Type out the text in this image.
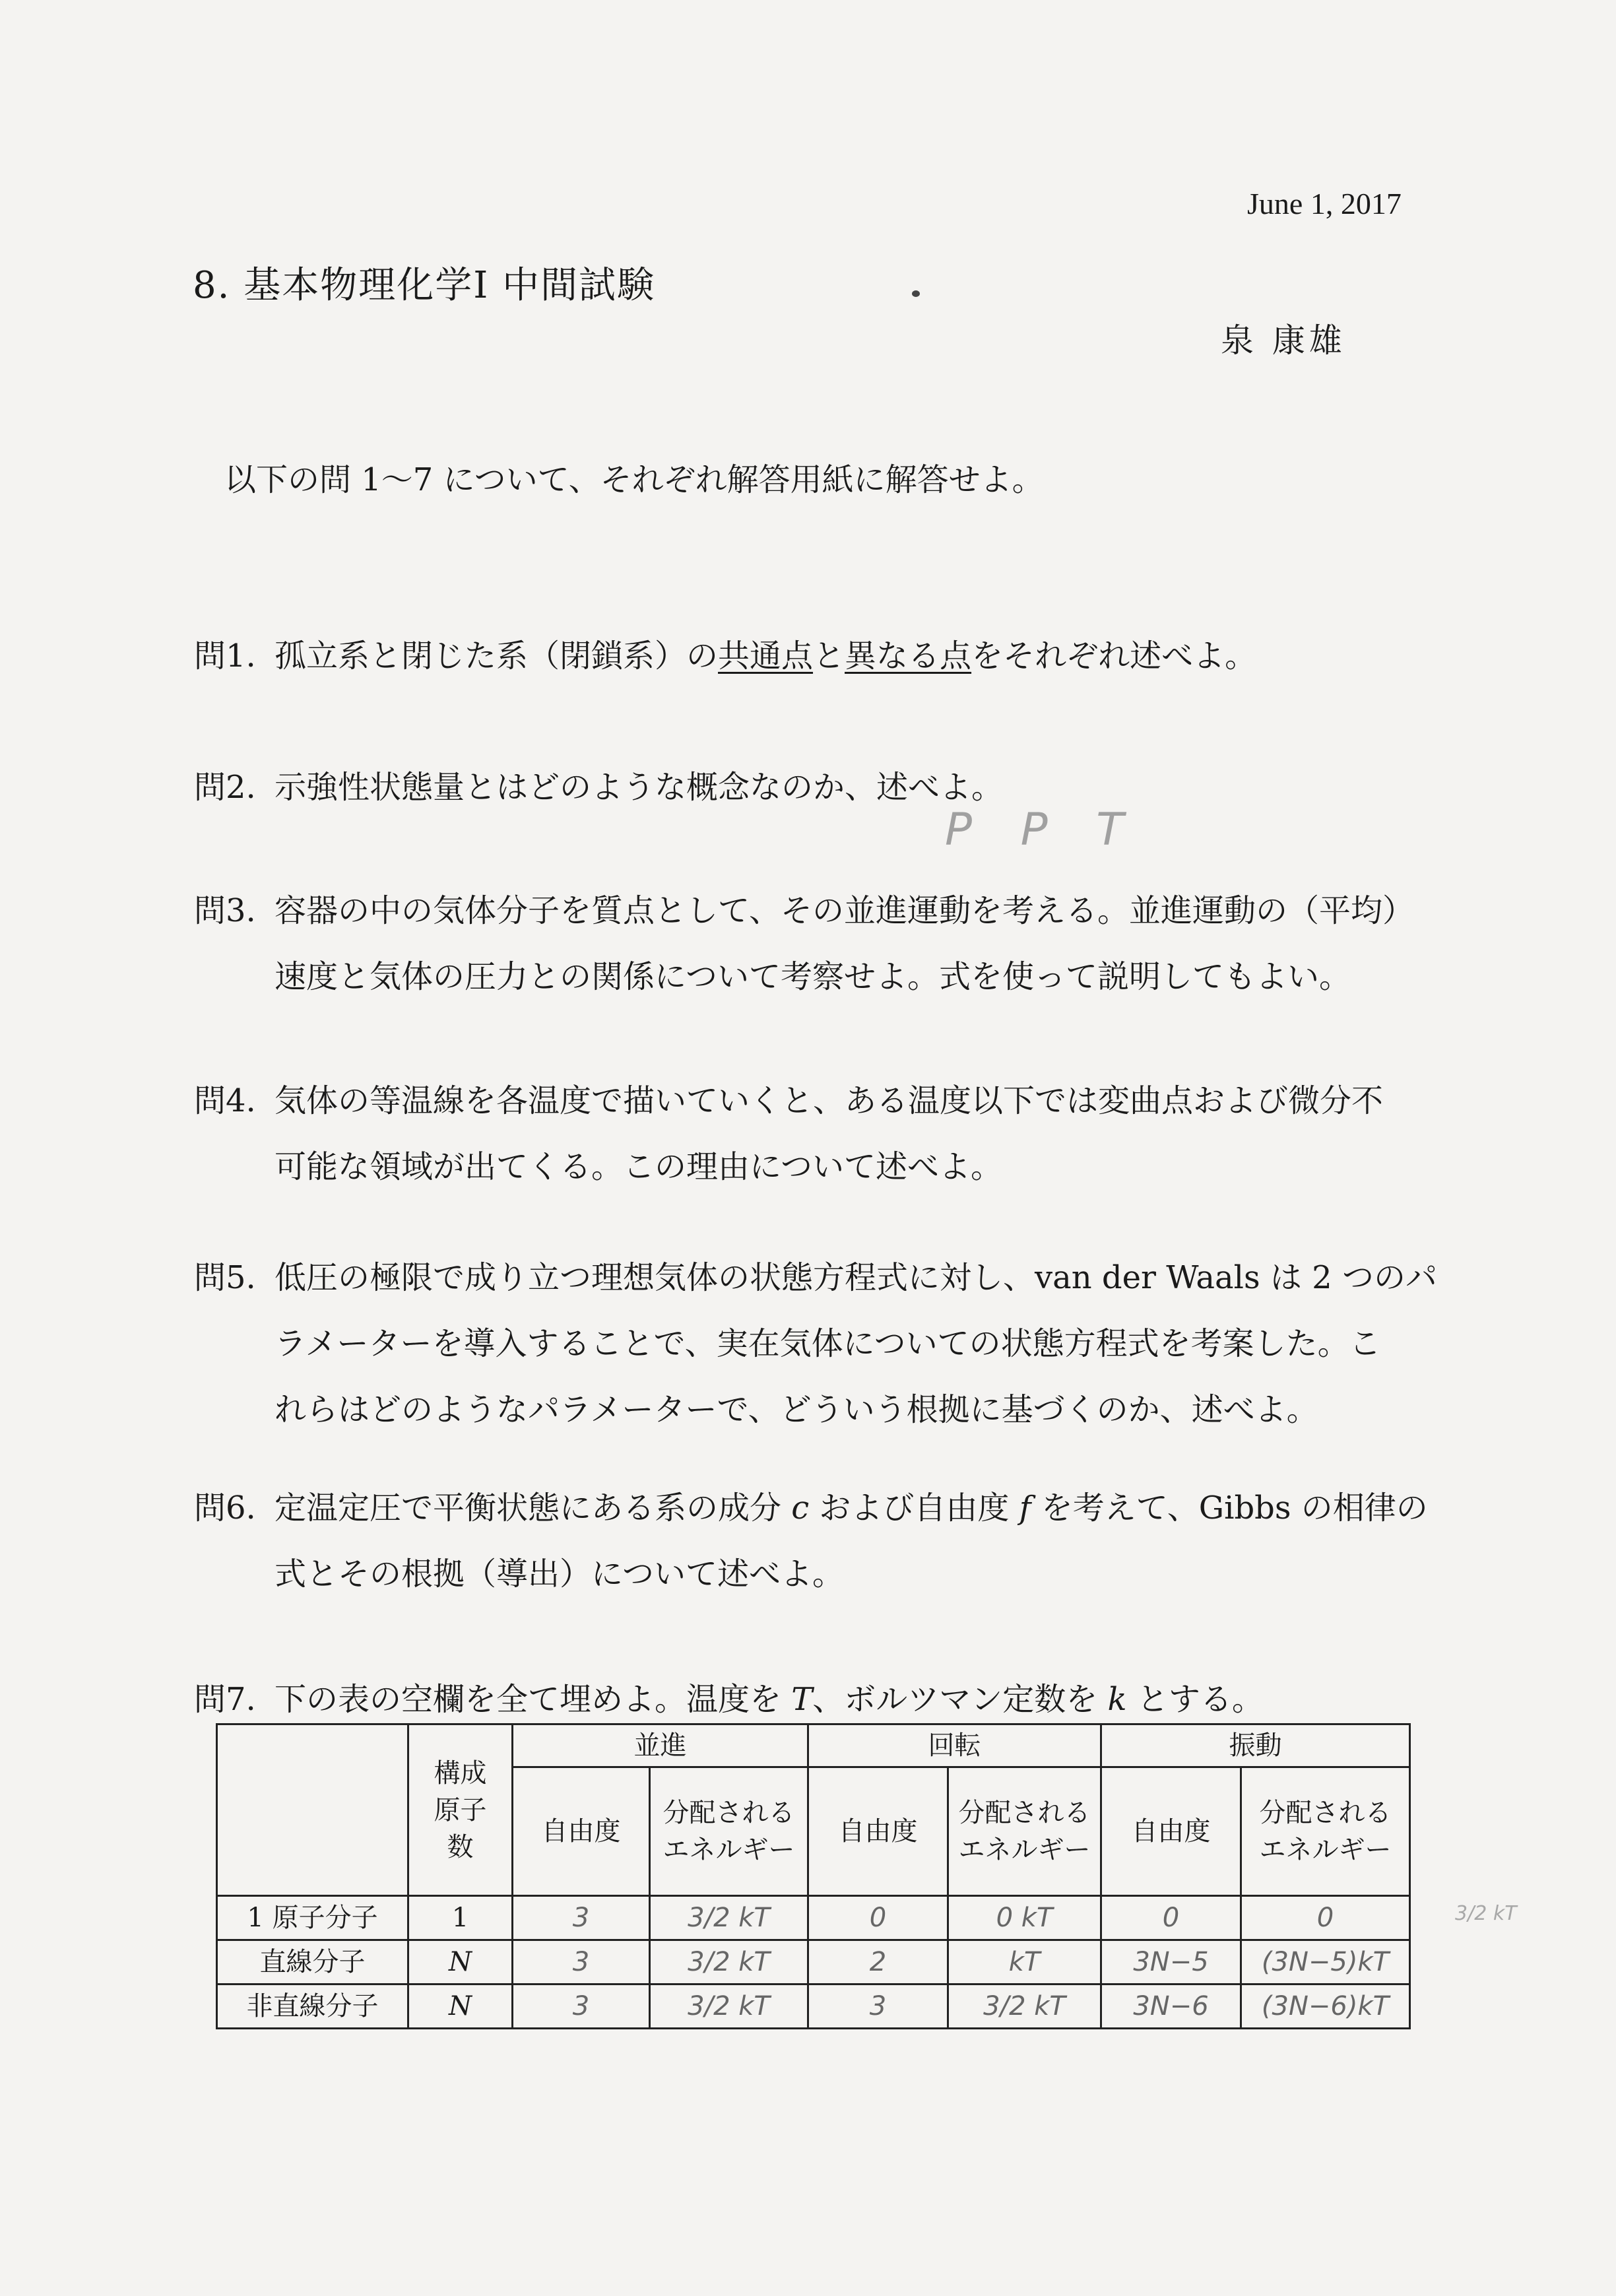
June 1, 2017
8. 基本物理化学I 中間試験
泉 康雄
以下の問 1～7 について、それぞれ解答用紙に解答せよ。
問1. 孤立系と閉じた系（閉鎖系）の共通点と異なる点をそれぞれ述べよ。
問2. 示強性状態量とはどのような概念なのか、述べよ。
P P T
問3. 容器の中の気体分子を質点として、その並進運動を考える。並進運動の（平均）
速度と気体の圧力との関係について考察せよ。式を使って説明してもよい。
問4. 気体の等温線を各温度で描いていくと、ある温度以下では変曲点および微分不
可能な領域が出てくる。この理由について述べよ。
問5. 低圧の極限で成り立つ理想気体の状態方程式に対し、van der Waals は 2 つのパ
ラメーターを導入することで、実在気体についての状態方程式を考案した。こ
れらはどのようなパラメーターで、どういう根拠に基づくのか、述べよ。
問6. 定温定圧で平衡状態にある系の成分 c および自由度 f を考えて、Gibbs の相律の
式とその根拠（導出）について述べよ。
問7. 下の表の空欄を全て埋めよ。温度を T、ボルツマン定数を k とする。
	構成原子数	並進		回転		振動	
		自由度	分配されるエネルギー	自由度	分配されるエネルギー	自由度	分配されるエネルギー
1 原子分子	1	3	3/2 kT	0	0 kT	0	0
直線分子	N	3	3/2 kT	2	kT	3N−5	(3N−5)kT
非直線分子	N	3	3/2 kT	3	3/2 kT	3N−6	(3N−6)kT
3/2 kT
